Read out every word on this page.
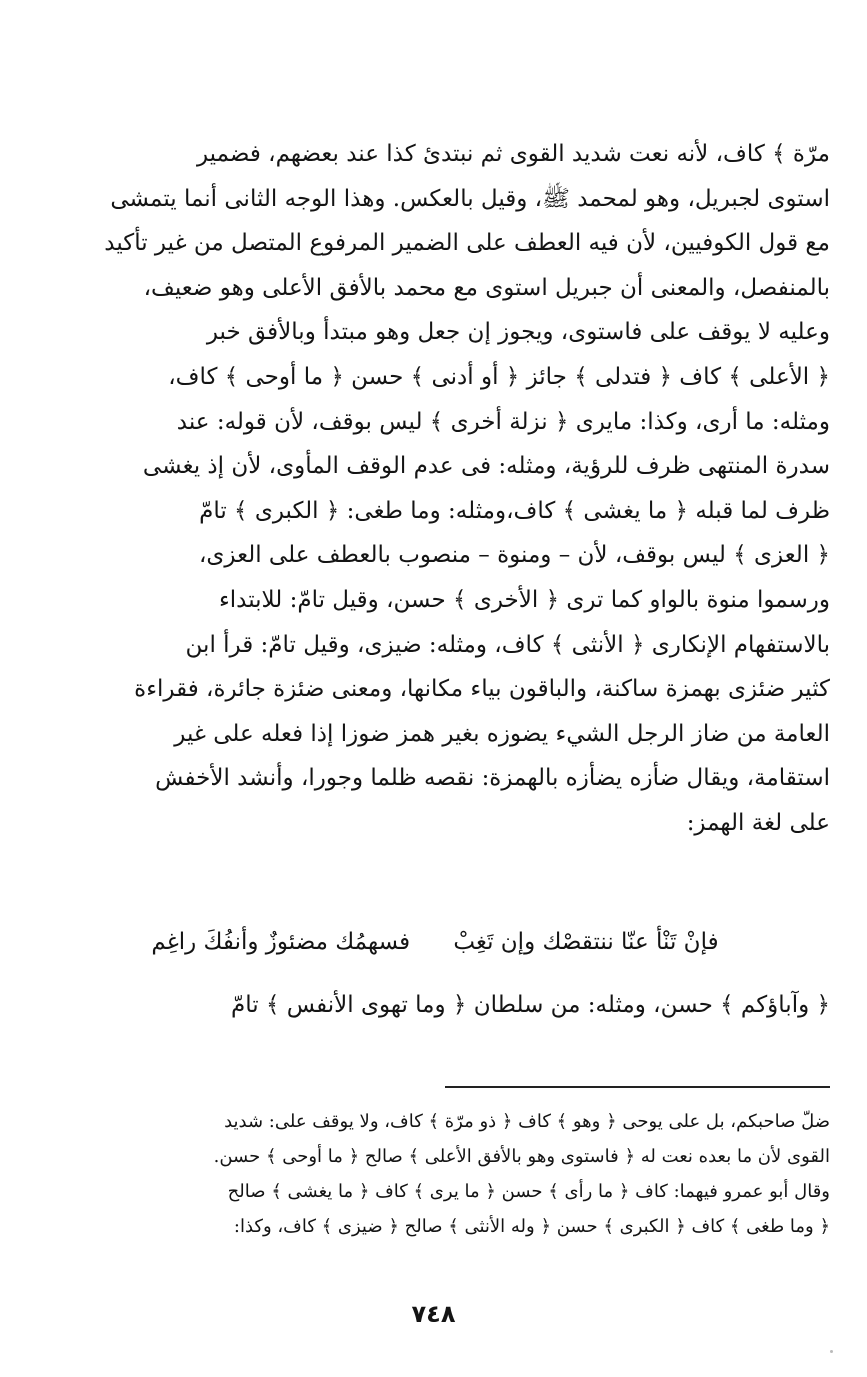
مرّة ﴾ كاف، لأنه نعت شديد القوى ثم نبتدئ كذا عند بعضهم، فضمير
استوى لجبريل، وهو لمحمد ﷺ، وقيل بالعكس. وهذا الوجه الثانى أنما يتمشى
مع قول الكوفيين، لأن فيه العطف على الضمير المرفوع المتصل من غير تأكيد
بالمنفصل، والمعنى أن جبريل استوى مع محمد بالأفق الأعلى وهو ضعيف،
وعليه لا يوقف على فاستوى، ويجوز إن جعل وهو مبتدأ وبالأفق خبر
﴿ الأعلى ﴾ كاف ﴿ فتدلى ﴾ جائز ﴿ أو أدنى ﴾ حسن ﴿ ما أوحى ﴾ كاف،
ومثله: ما أرى، وكذا: مايرى ﴿ نزلة أخرى ﴾ ليس بوقف، لأن قوله: عند
سدرة المنتهى ظرف للرؤية، ومثله: فى عدم الوقف المأوى، لأن إذ يغشى
ظرف لما قبله ﴿ ما يغشى ﴾ كاف،ومثله: وما طغى: ﴿ الكبرى ﴾ تامّ
﴿ العزى ﴾ ليس بوقف، لأن – ومنوة – منصوب بالعطف على العزى،
ورسموا منوة بالواو كما ترى ﴿ الأخرى ﴾ حسن، وقيل تامّ: للابتداء
بالاستفهام الإنكارى ﴿ الأنثى ﴾ كاف، ومثله: ضيزى، وقيل تامّ: قرأ ابن
كثير ضئزى بهمزة ساكنة، والباقون بياء مكانها، ومعنى ضئزة جائرة، فقراءة
العامة من ضاز الرجل الشيء يضوزه بغير همز ضوزا إذا فعله على غير
استقامة، ويقال ضأزه يضأزه بالهمزة: نقصه ظلما وجورا، وأنشد الأخفش
على لغة الهمز:
فإنْ تَنْأ عنّا ننتقصْك وإن تَغِبْ فسهمُك مضئوزٌ وأنفُكَ راغِم
﴿ وآباؤكم ﴾ حسن، ومثله: من سلطان ﴿ وما تهوى الأنفس ﴾ تامّ
ضلّ صاحبكم، بل على يوحى ﴿ وهو ﴾ كاف ﴿ ذو مرّة ﴾ كاف، ولا يوقف على: شديد
القوى لأن ما بعده نعت له ﴿ فاستوى وهو بالأفق الأعلى ﴾ صالح ﴿ ما أوحى ﴾ حسن.
وقال أبو عمرو فيهما: كاف ﴿ ما رأى ﴾ حسن ﴿ ما يرى ﴾ كاف ﴿ ما يغشى ﴾ صالح
﴿ وما طغى ﴾ كاف ﴿ الكبرى ﴾ حسن ﴿ وله الأنثى ﴾ صالح ﴿ ضيزى ﴾ كاف، وكذا:
٧٤٨
